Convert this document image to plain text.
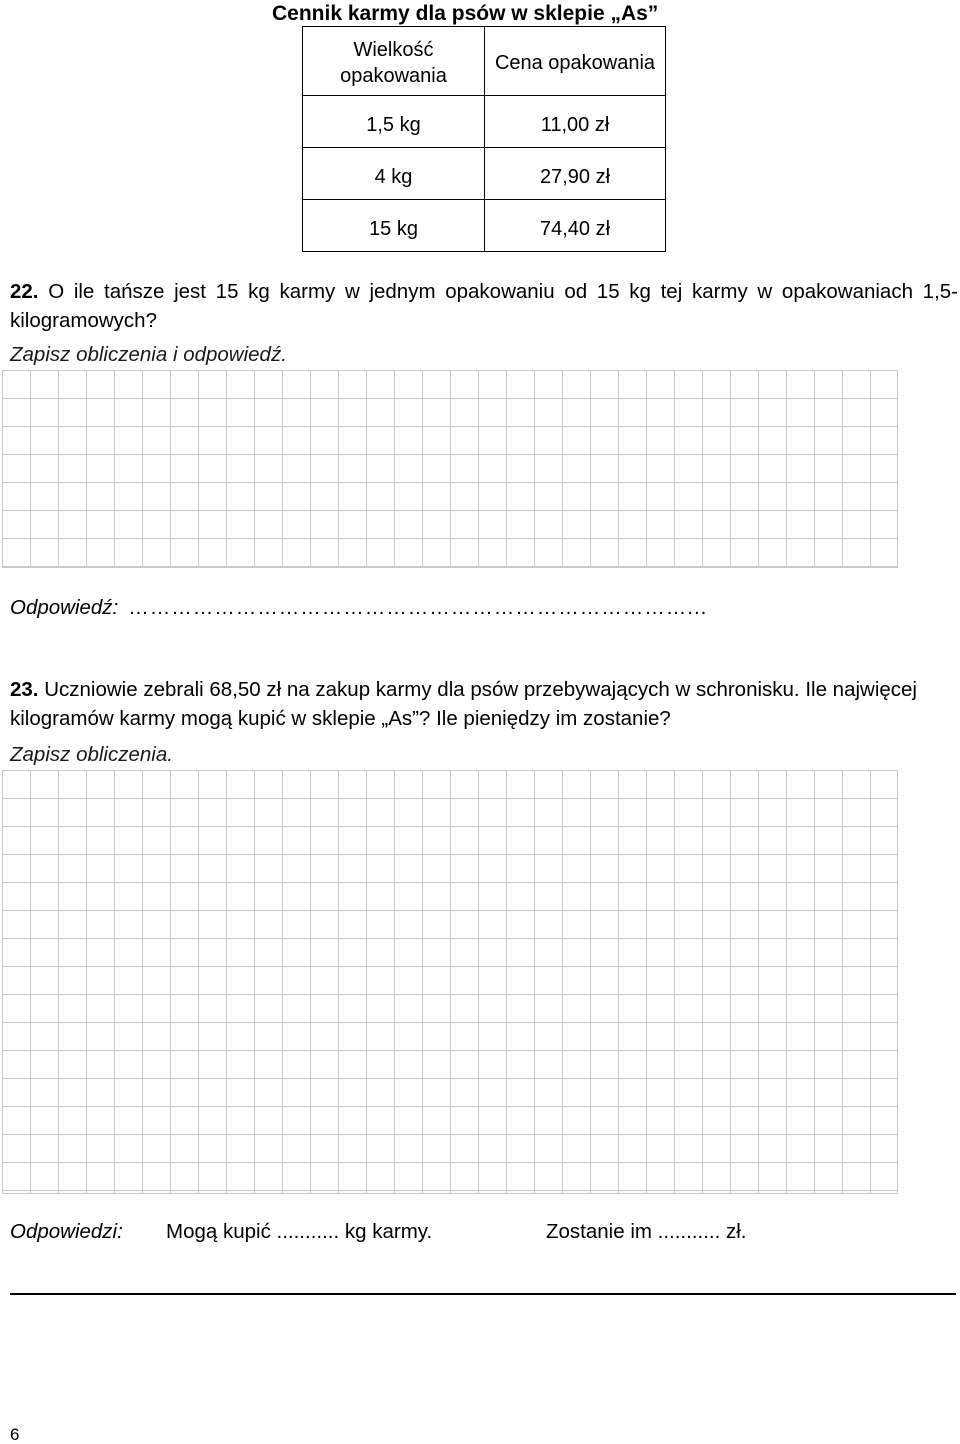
Cennik karmy dla psów w sklepie „As”
Wielkość opakowania	Cena opakowania
1,5 kg	11,00 zł
4 kg	27,90 zł
15 kg	74,40 zł
22. O ile tańsze jest 15 kg karmy w jednym opakowaniu od 15 kg tej karmy w opakowaniach 1,5-kilogramowych?
Zapisz obliczenia i odpowiedź.
Odpowiedź: ……………………………………………………………………...
23. Uczniowie zebrali 68,50 zł na zakup karmy dla psów przebywających w schronisku. Ile najwięcej kilogramów karmy mogą kupić w sklepie „As”? Ile pieniędzy im zostanie?
Zapisz obliczenia.
Odpowiedzi: Mogą kupić ........... kg karmy.	Zostanie im ........... zł.
6
